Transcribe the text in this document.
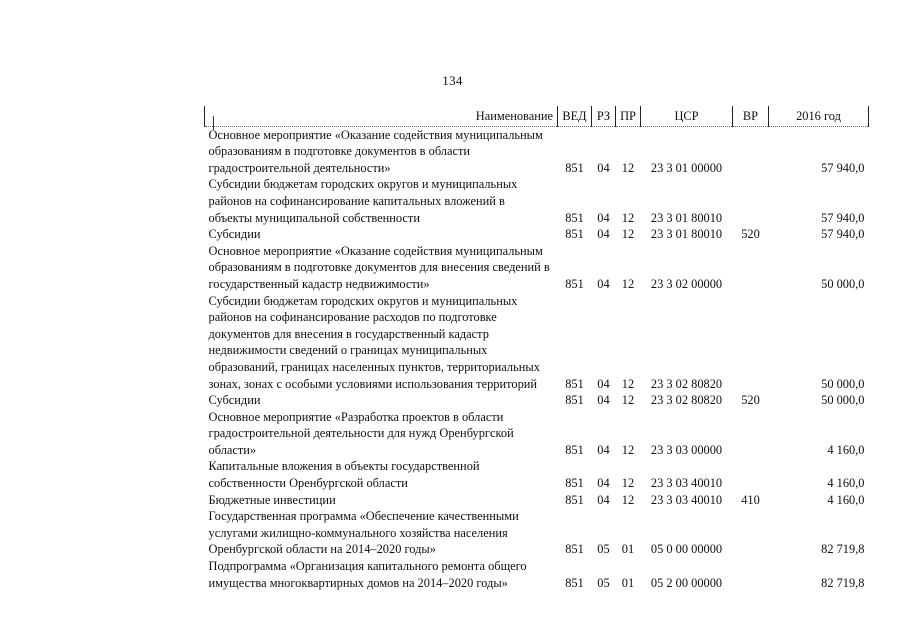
134
Наименование	ВЕД	РЗ	ПР	ЦСР	ВР	2016 год
Основное мероприятие «Оказание содействия муниципальным образованиям в подготовке документов в области градостроительной деятельности»	851	04	12	23 3 01 00000		57 940,0
Субсидии бюджетам городских округов и муниципальных районов на софинансирование капитальных вложений в объекты муниципальной собственности	851	04	12	23 3 01 80010		57 940,0
Субсидии	851	04	12	23 3 01 80010	520	57 940,0
Основное мероприятие «Оказание содействия муниципальным образованиям в подготовке документов для внесения сведений в государственный кадастр недвижимости»	851	04	12	23 3 02 00000		50 000,0
Субсидии бюджетам городских округов и муниципальных районов на софинансирование расходов по подготовке документов для внесения в государственный кадастр недвижимости сведений о границах муниципальных образований, границах населенных пунктов, территориальных зонах, зонах с особыми условиями использования территорий	851	04	12	23 3 02 80820		50 000,0
Субсидии	851	04	12	23 3 02 80820	520	50 000,0
Основное мероприятие «Разработка проектов в области градостроительной деятельности для нужд Оренбургской области»	851	04	12	23 3 03 00000		4 160,0
Капитальные вложения в объекты государственной собственности Оренбургской области	851	04	12	23 3 03 40010		4 160,0
Бюджетные инвестиции	851	04	12	23 3 03 40010	410	4 160,0
Государственная программа «Обеспечение качественными услугами жилищно-коммунального хозяйства населения Оренбургской области на 2014–2020 годы»	851	05	01	05 0 00 00000		82 719,8
Подпрограмма «Организация капитального ремонта общего имущества многоквартирных домов на 2014–2020 годы»	851	05	01	05 2 00 00000		82 719,8
